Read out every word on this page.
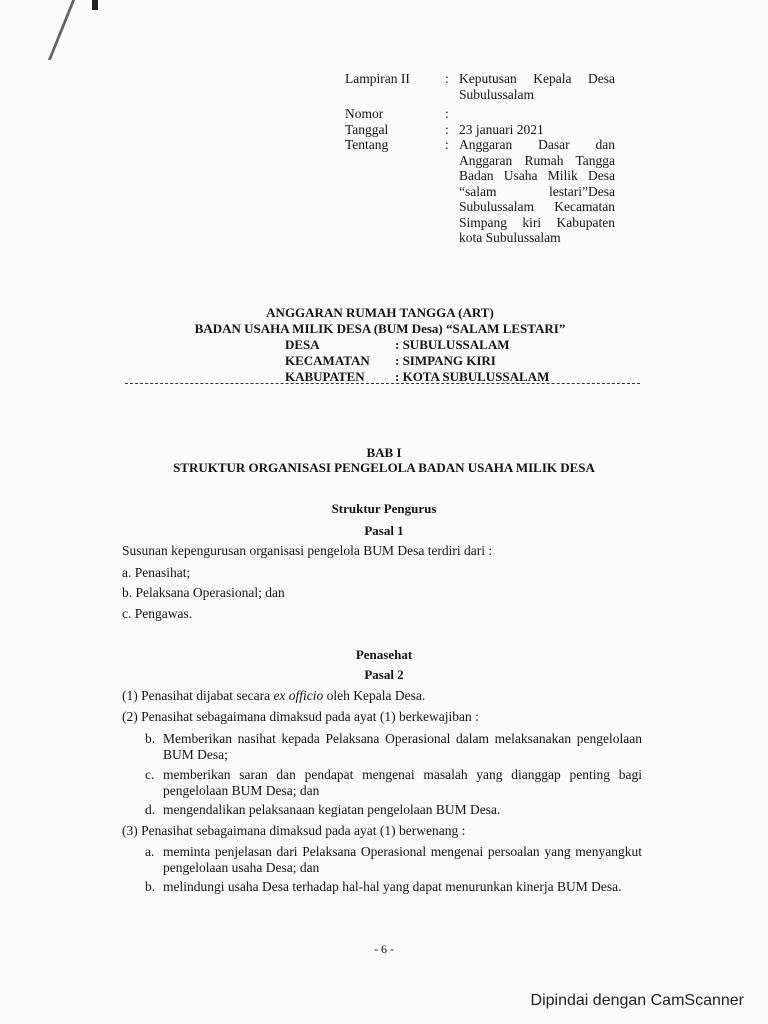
Lampiran II	: Keputusan Kepala Desa Subulussalam
Nomor	:
Tanggal	: 23 januari 2021
Tentang	: Anggaran Dasar dan Anggaran Rumah Tangga Badan Usaha Milik Desa “salam lestari”Desa Subulussalam Kecamatan Simpang kiri Kabupaten kota Subulussalam
ANGGARAN RUMAH TANGGA (ART)
BADAN USAHA MILIK DESA (BUM Desa) “SALAM LESTARI”
DESA	: SUBULUSSALAM
KECAMATAN	: SIMPANG KIRI
KABUPATEN	: KOTA SUBULUSSALAM
BAB I
STRUKTUR ORGANISASI PENGELOLA BADAN USAHA MILIK DESA
Struktur Pengurus
Pasal 1
Susunan kepengurusan organisasi pengelola BUM Desa terdiri dari :
a. Penasihat;
b. Pelaksana Operasional; dan
c. Pengawas.
Penasehat
Pasal 2
(1) Penasihat dijabat secara ex officio oleh Kepala Desa.
(2) Penasihat sebagaimana dimaksud pada ayat (1) berkewajiban :
b. Memberikan nasihat kepada Pelaksana Operasional dalam melaksanakan pengelolaan BUM Desa;
c. memberikan saran dan pendapat mengenai masalah yang dianggap penting bagi pengelolaan BUM Desa; dan
d. mengendalikan pelaksanaan kegiatan pengelolaan BUM Desa.
(3) Penasihat sebagaimana dimaksud pada ayat (1) berwenang :
a. meminta penjelasan dari Pelaksana Operasional mengenai persoalan yang menyangkut pengelolaan usaha Desa; dan
b. melindungi usaha Desa terhadap hal-hal yang dapat menurunkan kinerja BUM Desa.
- 6 -
Dipindai dengan CamScanner
